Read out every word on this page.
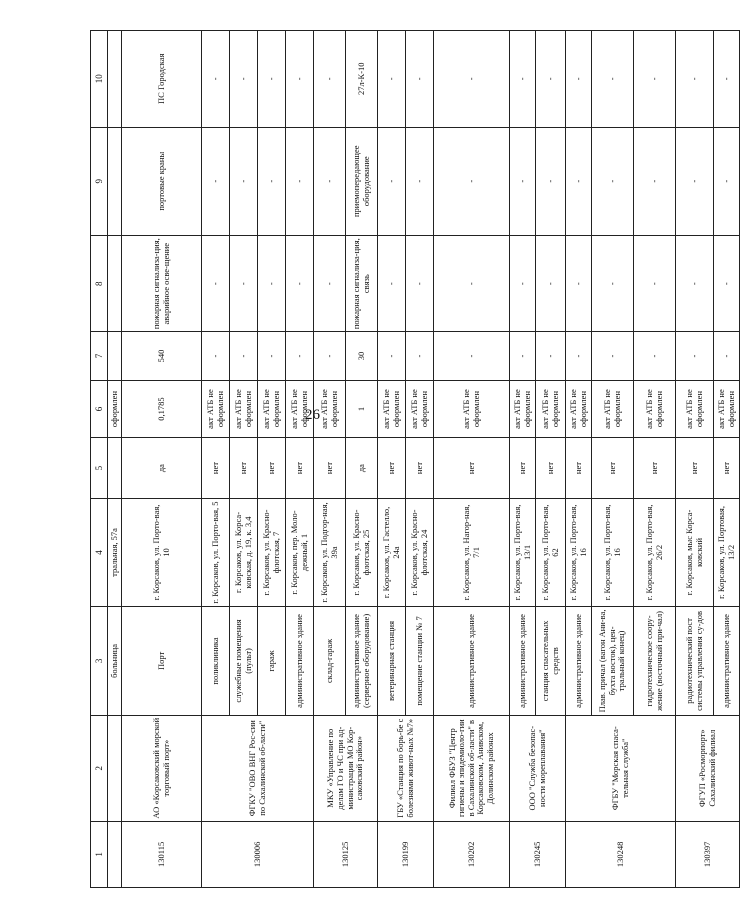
26
1	2	3	4	5	6	7	8	9	10
		больница	тральная, 57а		оформлен				
130115	АО «Корсаковский морской торговый порт»	Порт	г. Корсаков, ул. Порто-вая, 10	да	0,1785	540	пожарная сигнализа-ция, аварийное осве-щение	портовые краны	ПС Городская
130006	ФГКУ "ОВО ВНГ Рос-сии по Сахалинской об-ласти"	поликлиника	г. Корсаков, ул. Порто-вая, 5	нет	акт АТБ не оформлен	-	-	-	-
		служебные помещения (пульт)	г. Корсаков, ул. Корса-ковская, д. 19, к. 3,4	нет	акт АТБ не оформлен	-	-	-	-
		гараж	г. Корсаков, ул. Красно-флотская, 7	нет	акт АТБ не оформлен	-	-	-	-
		административное здание	г. Корсаков, пер. Моло-дежный, 1	нет	акт АТБ не оформлен	-	-	-	-
130125	МКУ «Управление по делам ГО и ЧС при ад-министрации МО Кор-саковский район»	склад-гараж	г. Корсаков, ул. Подгор-ная, 39а	нет	акт АТБ не оформлен	-	-	-	-
		административное здание (серверное оборудование)	г. Корсаков, ул. Красно-флотская, 25	да	1	30	пожарная сигнализа-ция, связь	приемопередающее оборудование	27л-К-10
130199	ГБУ «Станция по борь-бе с болезнями живот-ных №7»	ветеринарная станция	г. Корсаков, ул. Гастелло, 24а	нет	акт АТБ не оформлен	-	-	-	-
		помещение станции № 7	г. Корсаков, ул. Красно-флотская, 24	нет	акт АТБ не оформлен	-	-	-	-
130202	Филиал ФБУЗ "Центр гигиены и эпидемиоло-гии в Сахалинской об-ласти" в Корсаковском, Анивском, Долинском районах	административное здание	г. Корсаков, ул. Нагор-ная, 7/1	нет	акт АТБ не оформлен	-	-	-	-
130245	ООО "Служба безопас-ности мореплавания"	административное здание	г. Корсаков, ул. Порто-вая, 13/1	нет	акт АТБ не оформлен	-	-	-	-
		станция спасательных средств	г. Корсаков, ул. Порто-вая, 62	нет	акт АТБ не оформлен	-	-	-	-
130248	ФГБУ "Морская спаса-тельная служба"	административное здание	г. Корсаков, ул. Порто-вая, 16	нет	акт АТБ не оформлен	-	-	-	-
		Плав. причал (вагон Ани-ва, бухта восток), цен-тральный конец)	г. Корсаков, ул. Порто-вая, 16	нет	акт АТБ не оформлен	-	-	-	-
		гидротехническое соору-жение (восточный при-чал)	г. Корсаков, ул. Порто-вая, 26/2	нет	акт АТБ не оформлен	-	-	-	-
130397	ФГУП «Росморпорт» Сахалинский филиал	радиотехнический пост системы управления су-дов	г. Корсаков, мыс Корса-ковский	нет	акт АТБ не оформлен	-	-	-	-
		административное здание	г. Корсаков, ул. Портовая, 13/2	нет	акт АТБ не оформлен	-	-	-	-
